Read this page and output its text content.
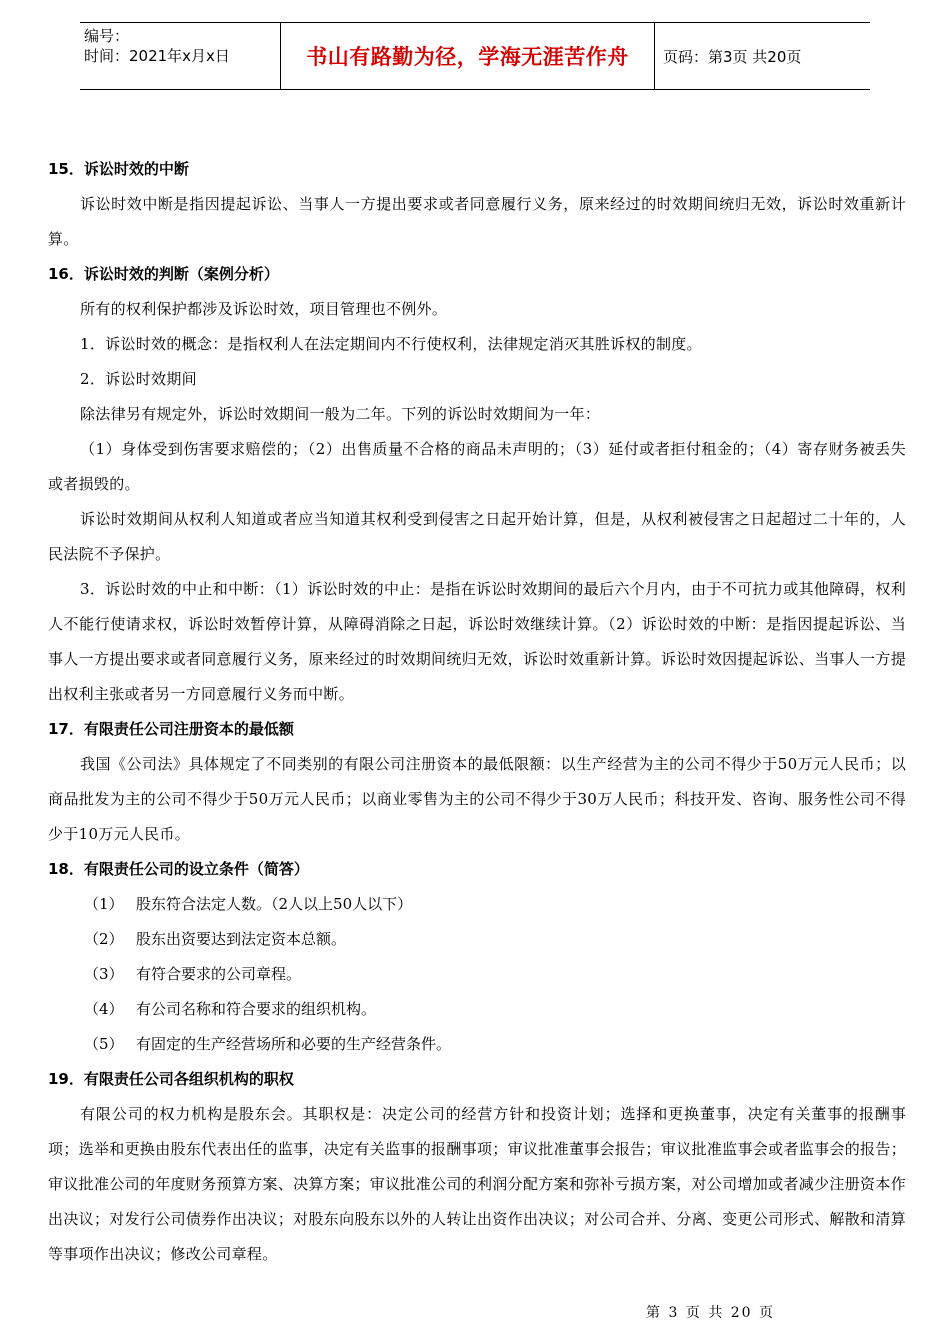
编号：
时间：2021年x月x日	书山有路勤为径，学海无涯苦作舟	页码：第3页 共20页

15．诉讼时效的中断

诉讼时效中断是指因提起诉讼、当事人一方提出要求或者同意履行义务，原来经过的时效期间统归无效，诉讼时效重新计算。

16．诉讼时效的判断（案例分析）

所有的权利保护都涉及诉讼时效，项目管理也不例外。

1．诉讼时效的概念：是指权利人在法定期间内不行使权利，法律规定消灭其胜诉权的制度。

2．诉讼时效期间

除法律另有规定外，诉讼时效期间一般为二年。下列的诉讼时效期间为一年：

（1）身体受到伤害要求赔偿的；（2）出售质量不合格的商品未声明的；（3）延付或者拒付租金的；（4）寄存财务被丢失或者损毁的。

诉讼时效期间从权利人知道或者应当知道其权利受到侵害之日起开始计算，但是，从权利被侵害之日起超过二十年的，人民法院不予保护。

3．诉讼时效的中止和中断：（1）诉讼时效的中止：是指在诉讼时效期间的最后六个月内，由于不可抗力或其他障碍，权利人不能行使请求权，诉讼时效暂停计算，从障碍消除之日起，诉讼时效继续计算。（2）诉讼时效的中断：是指因提起诉讼、当事人一方提出要求或者同意履行义务，原来经过的时效期间统归无效，诉讼时效重新计算。诉讼时效因提起诉讼、当事人一方提出权利主张或者另一方同意履行义务而中断。

17．有限责任公司注册资本的最低额

我国《公司法》具体规定了不同类别的有限公司注册资本的最低限额：以生产经营为主的公司不得少于50万元人民币；以商品批发为主的公司不得少于50万元人民币；以商业零售为主的公司不得少于30万人民币；科技开发、咨询、服务性公司不得少于10万元人民币。

18．有限责任公司的设立条件（简答）

（1） 股东符合法定人数。（2人以上50人以下）
（2） 股东出资要达到法定资本总额。
（3） 有符合要求的公司章程。
（4） 有公司名称和符合要求的组织机构。
（5） 有固定的生产经营场所和必要的生产经营条件。

19．有限责任公司各组织机构的职权

有限公司的权力机构是股东会。其职权是：决定公司的经营方针和投资计划；选择和更换董事，决定有关董事的报酬事项；选举和更换由股东代表出任的监事，决定有关监事的报酬事项；审议批准董事会报告；审议批准监事会或者监事会的报告；审议批准公司的年度财务预算方案、决算方案；审议批准公司的利润分配方案和弥补亏损方案，对公司增加或者减少注册资本作出决议；对发行公司债券作出决议；对股东向股东以外的人转让出资作出决议；对公司合并、分离、变更公司形式、解散和清算等事项作出决议；修改公司章程。

第 3 页 共 20 页
